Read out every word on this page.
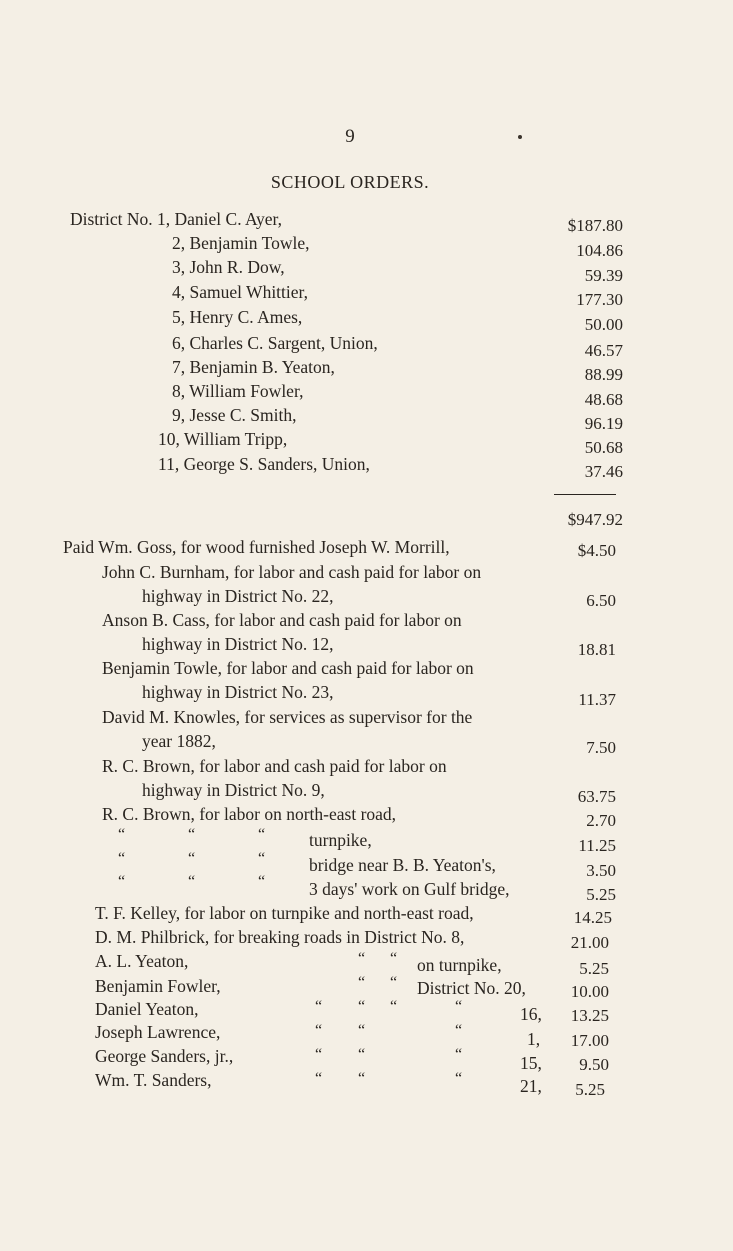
9
SCHOOL ORDERS.
District No. 1, Daniel C. Ayer,	$187.80
2, Benjamin Towle,	104.86
3, John R. Dow,	59.39
4, Samuel Whittier,	177.30
5, Henry C. Ames,	50.00
6, Charles C. Sargent, Union,	46.57
7, Benjamin B. Yeaton,	88.99
8, William Fowler,	48.68
9, Jesse C. Smith,	96.19
10, William Tripp,	50.68
11, George S. Sanders, Union,	37.46
$947.92
Paid Wm. Goss, for wood furnished Joseph W. Morrill,	$4.50
John C. Burnham, for labor and cash paid for labor on
highway in District No. 22,	6.50
Anson B. Cass, for labor and cash paid for labor on
highway in District No. 12,	18.81
Benjamin Towle, for labor and cash paid for labor on
highway in District No. 23,	11.37
David M. Knowles, for services as supervisor for the
year 1882,	7.50
R. C. Brown, for labor and cash paid for labor on
highway in District No. 9,	63.75
R. C. Brown, for labor on north-east road,	2.70
“	“	“	turnpike,	11.25
“	“	“	bridge near B. B. Yeaton's,	3.50
“	“	“	3 days' work on Gulf bridge,	5.25
T. F. Kelley, for labor on turnpike and north-east road,	14.25
D. M. Philbrick, for breaking roads in District No. 8,	21.00
A. L. Yeaton,	“ “ on turnpike,	5.25
Benjamin Fowler,	“ “ District No. 20,	10.00
Daniel Yeaton,	“ “ “	“	16, 13.25
Joseph Lawrence,	“ “	“	1, 17.00
George Sanders, jr.,	“ “	“	15, 9.50
Wm. T. Sanders,	“ “	“	21, 5.25
